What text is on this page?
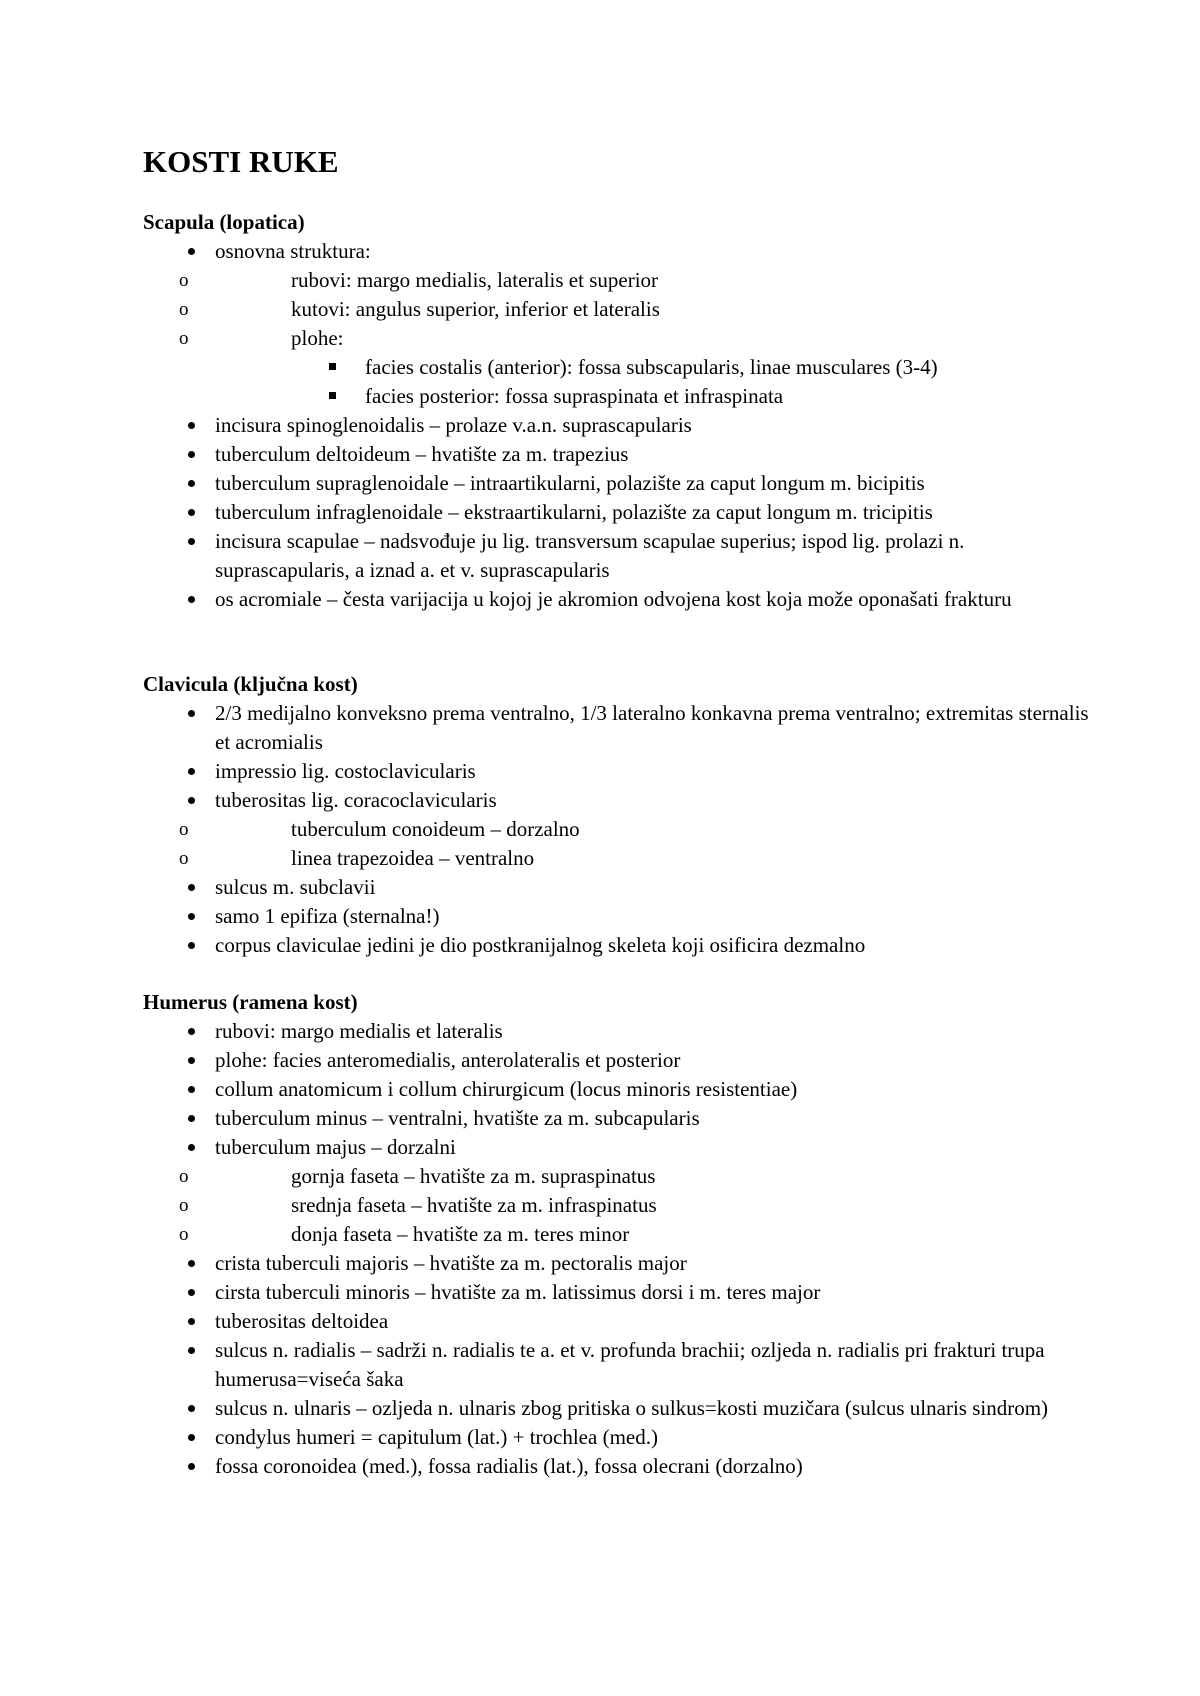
KOSTI RUKE
Scapula (lopatica)
osnovna struktura:
o rubovi: margo medialis, lateralis et superior
o kutovi: angulus superior, inferior et lateralis
o plohe:
facies costalis (anterior): fossa subscapularis, linae musculares (3-4)
facies posterior: fossa supraspinata et infraspinata
incisura spinoglenoidalis – prolaze v.a.n. suprascapularis
tuberculum deltoideum – hvatište za m. trapezius
tuberculum supraglenoidale – intraartikularni, polazište za caput longum m. bicipitis
tuberculum infraglenoidale – ekstraartikularni, polazište za caput longum m. tricipitis
incisura scapulae – nadsvođuje ju lig. transversum scapulae superius; ispod lig. prolazi n. suprascapularis, a iznad a. et v. suprascapularis
os acromiale – česta varijacija u kojoj je akromion odvojena kost koja može oponašati frakturu
Clavicula (ključna kost)
2/3 medijalno konveksno prema ventralno, 1/3 lateralno konkavna prema ventralno; extremitas sternalis et acromialis
impressio lig. costoclavicularis
tuberositas lig. coracoclavicularis
o tuberculum conoideum – dorzalno
o linea trapezoidea – ventralno
sulcus m. subclavii
samo 1 epifiza (sternalna!)
corpus claviculae jedini je dio postkranijalnog skeleta koji osificira dezmalno
Humerus (ramena kost)
rubovi: margo medialis et lateralis
plohe: facies anteromedialis, anterolateralis et posterior
collum anatomicum i collum chirurgicum (locus minoris resistentiae)
tuberculum minus – ventralni, hvatište za m. subcapularis
tuberculum majus – dorzalni
o gornja faseta – hvatište za m. supraspinatus
o srednja faseta – hvatište za m. infraspinatus
o donja faseta – hvatište za m. teres minor
crista tuberculi majoris – hvatište za m. pectoralis major
cirsta tuberculi minoris – hvatište za m. latissimus dorsi i m. teres major
tuberositas deltoidea
sulcus n. radialis – sadrži n. radialis te a. et v. profunda brachii; ozljeda n. radialis pri frakturi trupa humerusa=viseća šaka
sulcus n. ulnaris – ozljeda n. ulnaris zbog pritiska o sulkus=kosti muzičara (sulcus ulnaris sindrom)
condylus humeri = capitulum (lat.) + trochlea (med.)
fossa coronoidea (med.), fossa radialis (lat.), fossa olecrani (dorzalno)
